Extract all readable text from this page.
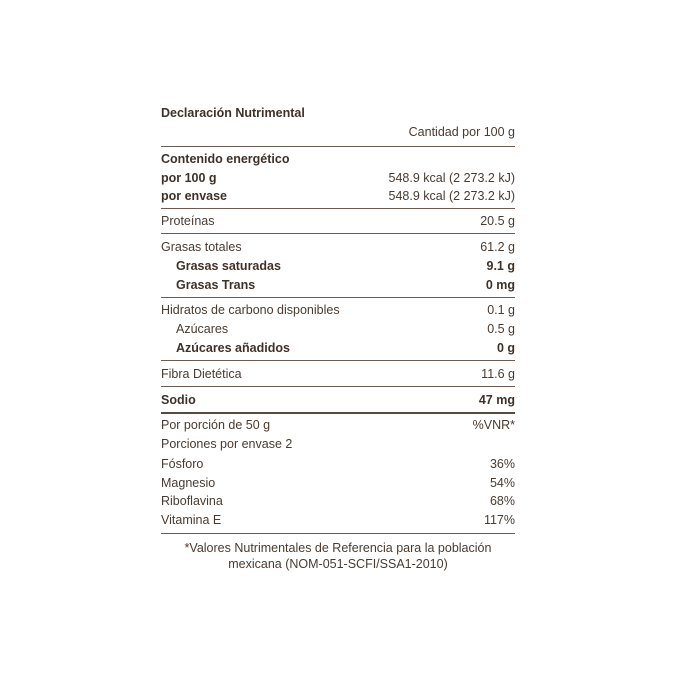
Declaración Nutrimental
Cantidad por 100 g
Contenido energético
por 100 g	548.9 kcal (2 273.2 kJ)
por envase	548.9 kcal (2 273.2 kJ)
Proteínas	20.5 g
Grasas totales	61.2 g
Grasas saturadas	9.1 g
Grasas Trans	0 mg
Hidratos de carbono disponibles	0.1 g
Azúcares	0.5 g
Azúcares añadidos	0 g
Fibra Dietética	11.6 g
Sodio	47 mg
Por porción de 50 g	%VNR*
Porciones por envase 2
Fósforo	36%
Magnesio	54%
Riboflavina	68%
Vitamina E	117%
*Valores Nutrimentales de Referencia para la población
mexicana (NOM-051-SCFI/SSA1-2010)
